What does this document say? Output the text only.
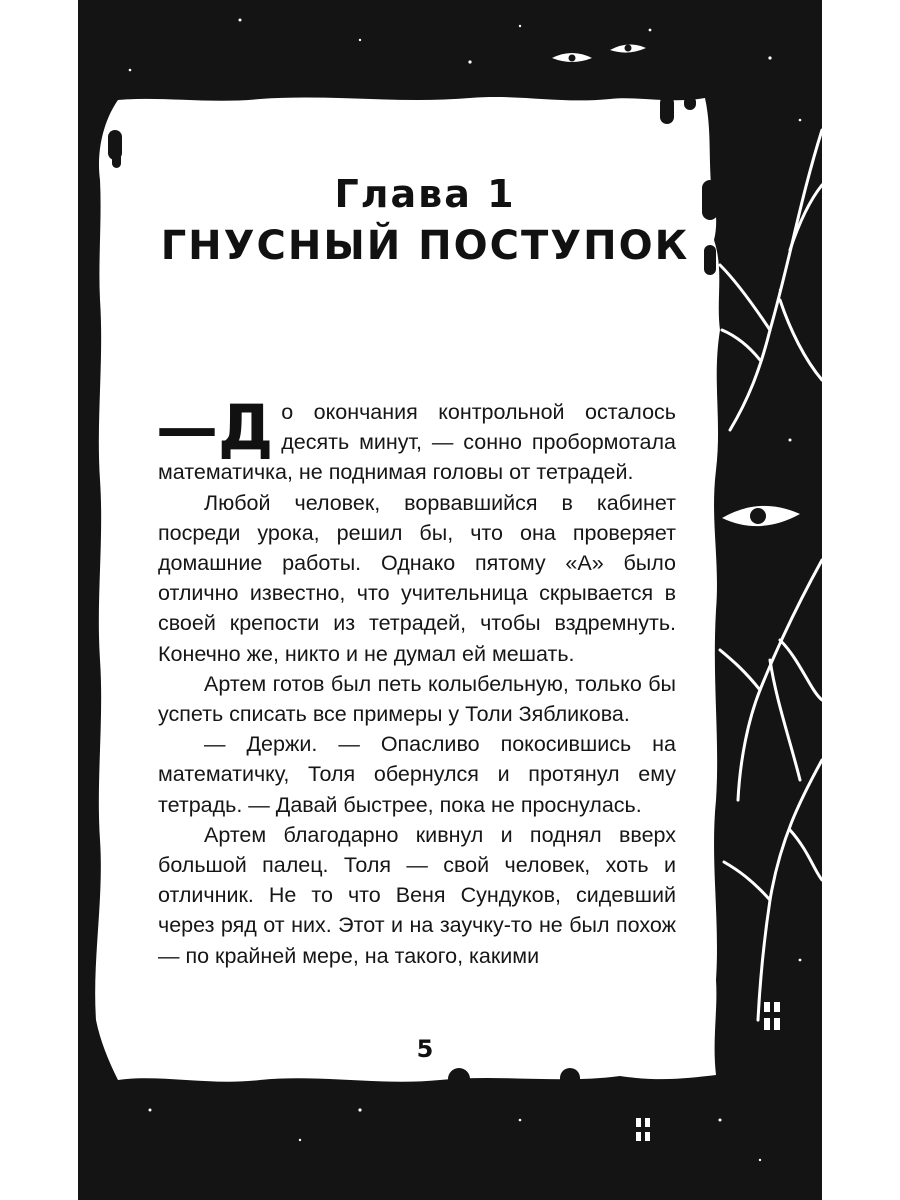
Глава 1
ГНУСНЫЙ ПОСТУПОК

—Д о окончания контрольной осталось десять минут, — сонно пробормотала математичка, не поднимая головы от тетрадей.

Любой человек, ворвавшийся в кабинет посреди урока, решил бы, что она проверяет домашние работы. Однако пятому «А» было отлично известно, что учительница скрывается в своей крепости из тетрадей, чтобы вздремнуть. Конечно же, никто и не думал ей мешать.

Артем готов был петь колыбельную, только бы успеть списать все примеры у Толи Зябликова.

— Держи. — Опасливо покосившись на математичку, Толя обернулся и протянул ему тетрадь. — Давай быстрее, пока не проснулась.

Артем благодарно кивнул и поднял вверх большой палец. Толя — свой человек, хоть и отличник. Не то что Веня Сундуков, сидевший через ряд от них. Этот и на заучку-то не был похож — по крайней мере, на такого, какими

5
